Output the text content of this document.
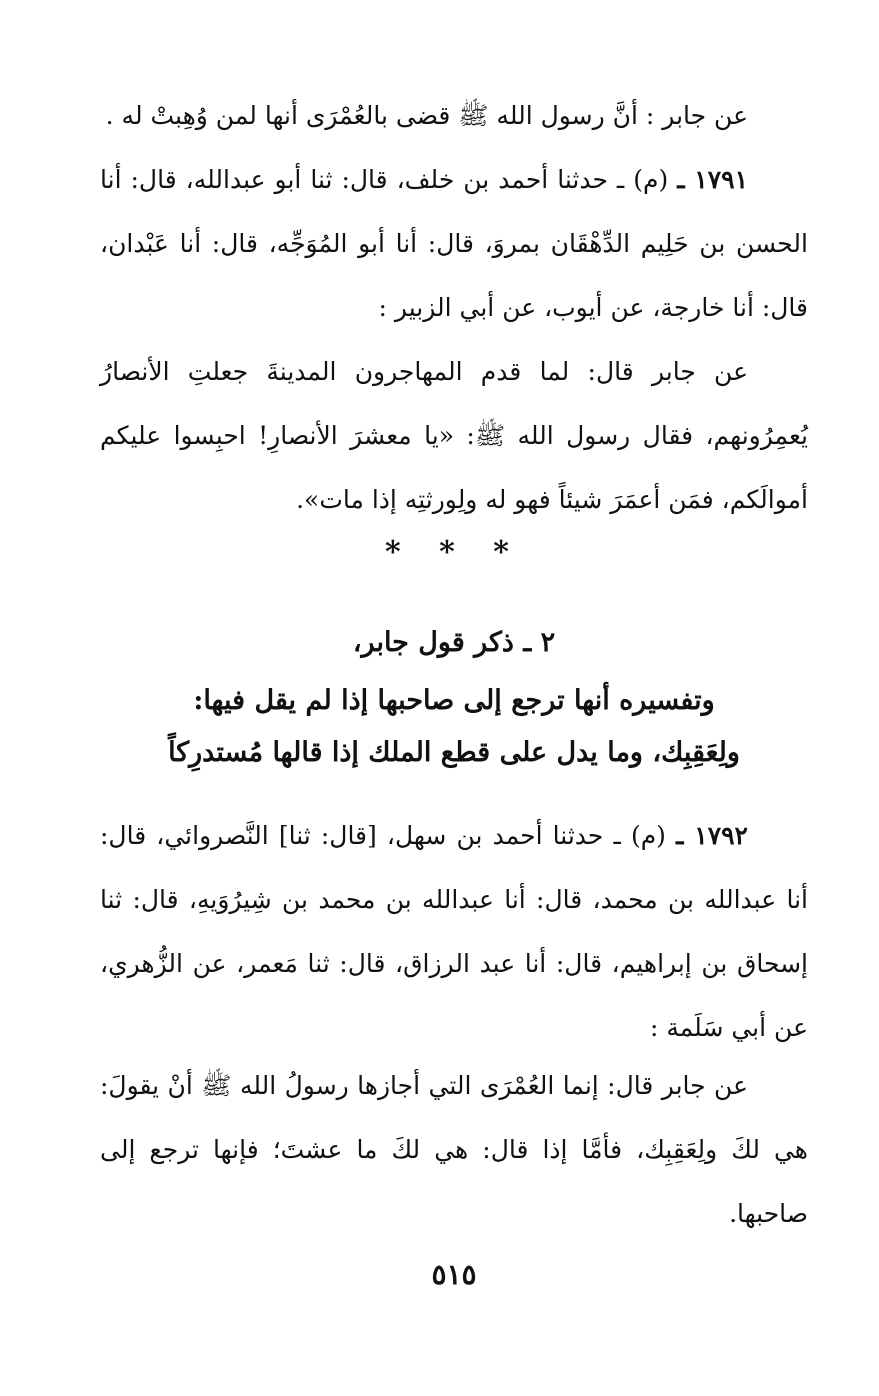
عن جابر : أنَّ رسول الله ﷺ قضى بالعُمْرَى أنها لمن وُهِبتْ له .

١٧٩١ ـ (م) ـ حدثنا أحمد بن خلف، قال: ثنا أبو عبدالله، قال: أنا الحسن بن حَلِيم الدِّهْقَان بمروَ، قال: أنا أبو المُوَجِّه، قال: أنا عَبْدان، قال: أنا خارجة، عن أيوب، عن أبي الزبير :

عن جابر قال: لما قدم المهاجرون المدينةَ جعلتِ الأنصارُ يُعمِرُونهم، فقال رسول الله ﷺ: «يا معشرَ الأنصارِ! احبِسوا عليكم أموالَكم، فمَن أعمَرَ شيئاً فهو له ولِورثتِه إذا مات».

* * *
٢ ـ ذكر قول جابر،
وتفسيره أنها ترجع إلى صاحبها إذا لم يقل فيها:
ولِعَقِبِك، وما يدل على قطع الملك إذا قالها مُستدرِكاً

١٧٩٢ ـ (م) ـ حدثنا أحمد بن سهل، [قال: ثنا] النَّصروائي، قال: أنا عبدالله بن محمد، قال: أنا عبدالله بن محمد بن شِيرُوَيهِ، قال: ثنا إسحاق بن إبراهيم، قال: أنا عبد الرزاق، قال: ثنا مَعمر، عن الزُّهري، عن أبي سَلَمة :

عن جابر قال: إنما العُمْرَى التي أجازها رسولُ الله ﷺ أنْ يقولَ: هي لكَ ولِعَقِبِك، فأمَّا إذا قال: هي لكَ ما عشتَ؛ فإنها ترجع إلى صاحبها.

٥١٥
